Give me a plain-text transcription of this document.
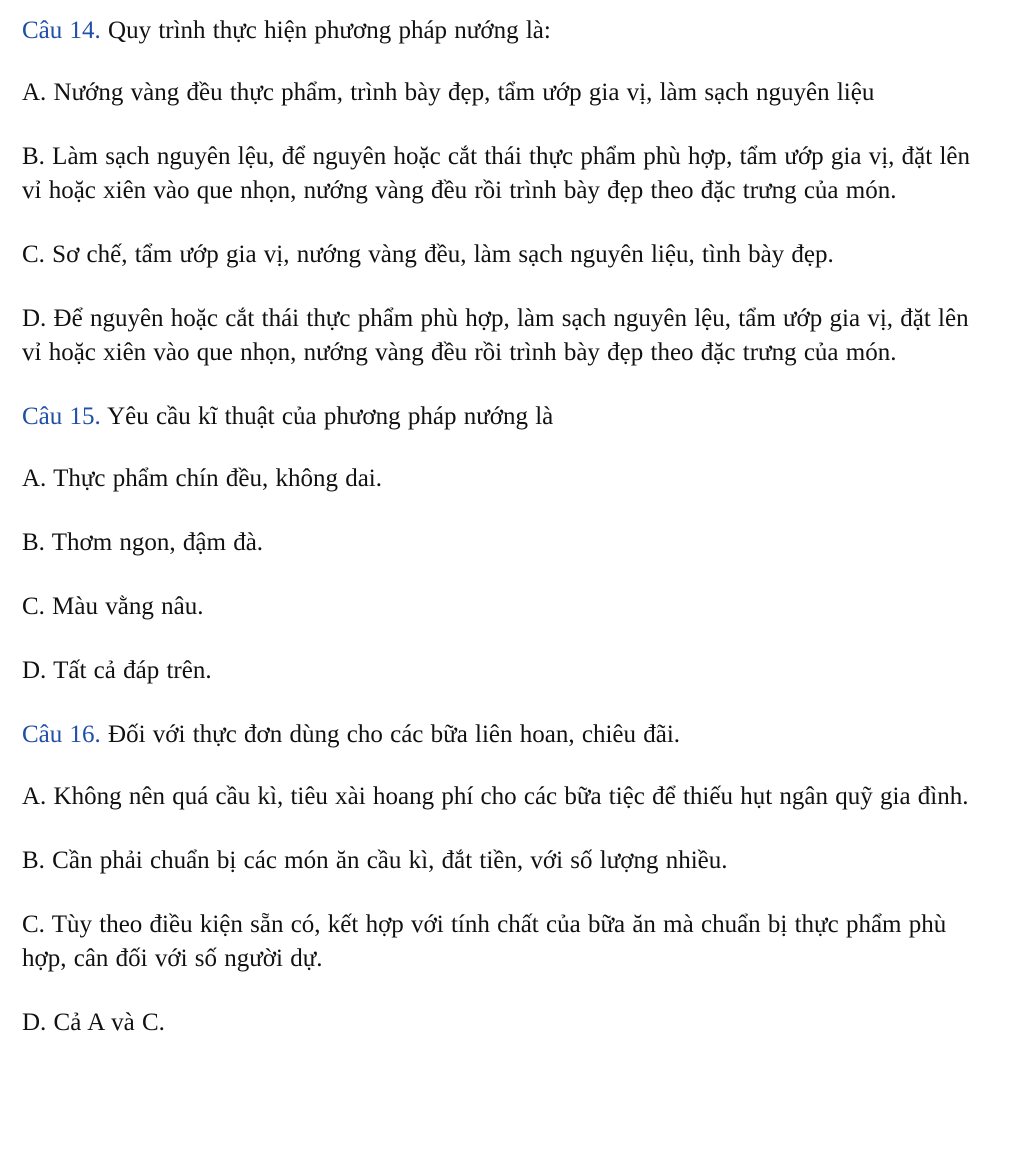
Câu 14. Quy trình thực hiện phương pháp nướng là:

A. Nướng vàng đều thực phẩm, trình bày đẹp, tẩm ướp gia vị, làm sạch nguyên liệu

B. Làm sạch nguyên lệu, để nguyên hoặc cắt thái thực phẩm phù hợp, tẩm ướp gia vị, đặt lên vỉ hoặc xiên vào que nhọn, nướng vàng đều rồi trình bày đẹp theo đặc trưng của món.

C. Sơ chế, tẩm ướp gia vị, nướng vàng đều, làm sạch nguyên liệu, tình bày đẹp.

D. Để nguyên hoặc cắt thái thực phẩm phù hợp, làm sạch nguyên lệu, tẩm ướp gia vị, đặt lên vỉ hoặc xiên vào que nhọn, nướng vàng đều rồi trình bày đẹp theo đặc trưng của món.

Câu 15. Yêu cầu kĩ thuật của phương pháp nướng là

A. Thực phẩm chín đều, không dai.

B. Thơm ngon, đậm đà.

C. Màu vằng nâu.

D. Tất cả đáp trên.

Câu 16. Đối với thực đơn dùng cho các bữa liên hoan, chiêu đãi.

A. Không nên quá cầu kì, tiêu xài hoang phí cho các bữa tiệc để thiếu hụt ngân quỹ gia đình.

B. Cần phải chuẩn bị các món ăn cầu kì, đắt tiền, với số lượng nhiều.

C. Tùy theo điều kiện sẵn có, kết hợp với tính chất của bữa ăn mà chuẩn bị thực phẩm phù hợp, cân đối với số người dự.

D. Cả A và C.
